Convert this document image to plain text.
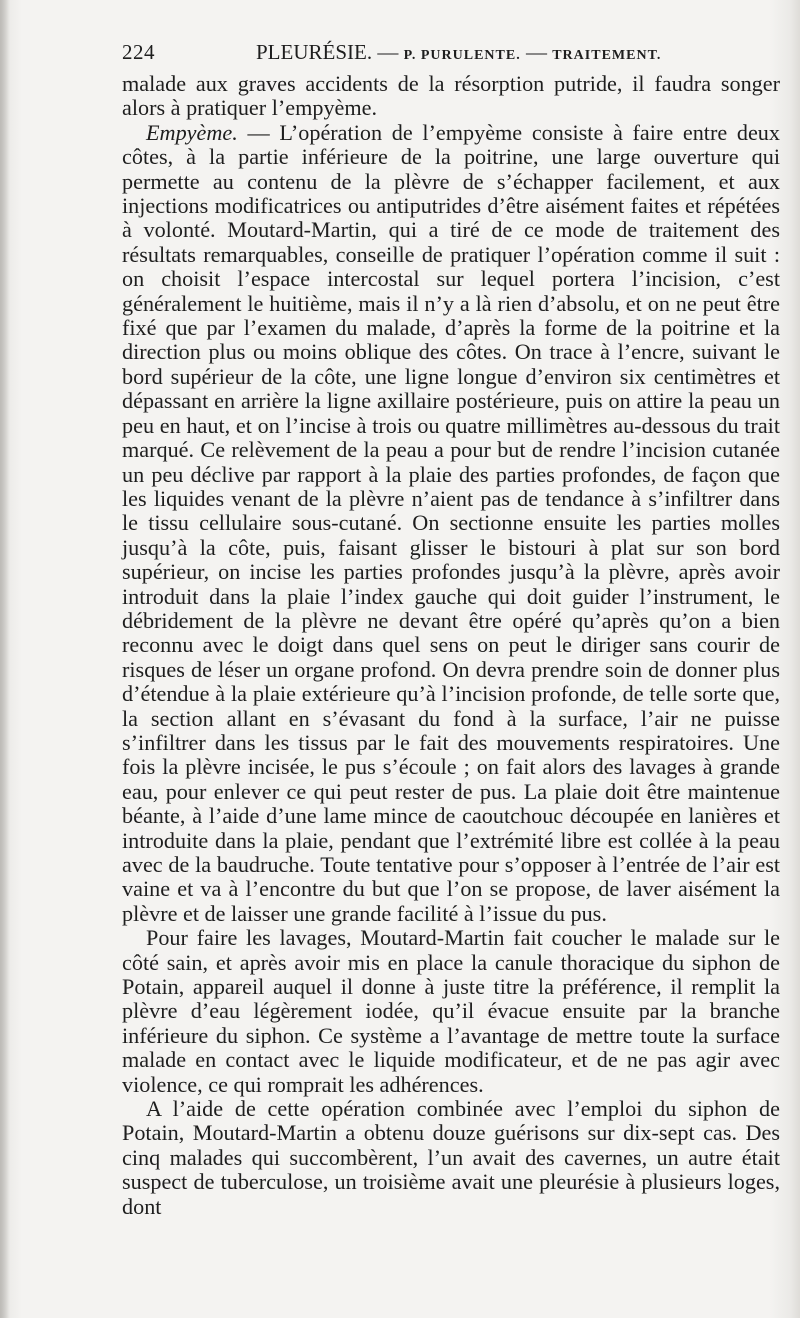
224	PLEURÉSIE. — P. PURULENTE. — TRAITEMENT.

malade aux graves accidents de la résorption putride, il faudra songer alors à pratiquer l’empyème.

Empyème. — L’opération de l’empyème consiste à faire entre deux côtes, à la partie inférieure de la poitrine, une large ouverture qui permette au contenu de la plèvre de s’échapper facilement, et aux injections modificatrices ou antiputrides d’être aisément faites et répétées à volonté. Moutard-Martin, qui a tiré de ce mode de traitement des résultats remarquables, conseille de pratiquer l’opération comme il suit : on choisit l’espace intercostal sur lequel portera l’incision, c’est généralement le huitième, mais il n’y a là rien d’absolu, et on ne peut être fixé que par l’examen du malade, d’après la forme de la poitrine et la direction plus ou moins oblique des côtes. On trace à l’encre, suivant le bord supérieur de la côte, une ligne longue d’environ six centimètres et dépassant en arrière la ligne axillaire postérieure, puis on attire la peau un peu en haut, et on l’incise à trois ou quatre millimètres au-dessous du trait marqué. Ce relèvement de la peau a pour but de rendre l’incision cutanée un peu déclive par rapport à la plaie des parties profondes, de façon que les liquides venant de la plèvre n’aient pas de tendance à s’infiltrer dans le tissu cellulaire sous-cutané. On sectionne ensuite les parties molles jusqu’à la côte, puis, faisant glisser le bistouri à plat sur son bord supérieur, on incise les parties profondes jusqu’à la plèvre, après avoir introduit dans la plaie l’index gauche qui doit guider l’instrument, le débridement de la plèvre ne devant être opéré qu’après qu’on a bien reconnu avec le doigt dans quel sens on peut le diriger sans courir de risques de léser un organe profond. On devra prendre soin de donner plus d’étendue à la plaie extérieure qu’à l’incision profonde, de telle sorte que, la section allant en s’évasant du fond à la surface, l’air ne puisse s’infiltrer dans les tissus par le fait des mouvements respiratoires. Une fois la plèvre incisée, le pus s’écoule ; on fait alors des lavages à grande eau, pour enlever ce qui peut rester de pus. La plaie doit être maintenue béante, à l’aide d’une lame mince de caoutchouc découpée en lanières et introduite dans la plaie, pendant que l’extrémité libre est collée à la peau avec de la baudruche. Toute tentative pour s’opposer à l’entrée de l’air est vaine et va à l’encontre du but que l’on se propose, de laver aisément la plèvre et de laisser une grande facilité à l’issue du pus.

Pour faire les lavages, Moutard-Martin fait coucher le malade sur le côté sain, et après avoir mis en place la canule thoracique du siphon de Potain, appareil auquel il donne à juste titre la préférence, il remplit la plèvre d’eau légèrement iodée, qu’il évacue ensuite par la branche inférieure du siphon. Ce système a l’avantage de mettre toute la surface malade en contact avec le liquide modificateur, et de ne pas agir avec violence, ce qui romprait les adhérences.

A l’aide de cette opération combinée avec l’emploi du siphon de Potain, Moutard-Martin a obtenu douze guérisons sur dix-sept cas. Des cinq malades qui succombèrent, l’un avait des cavernes, un autre était suspect de tuberculose, un troisième avait une pleurésie à plusieurs loges, dont
